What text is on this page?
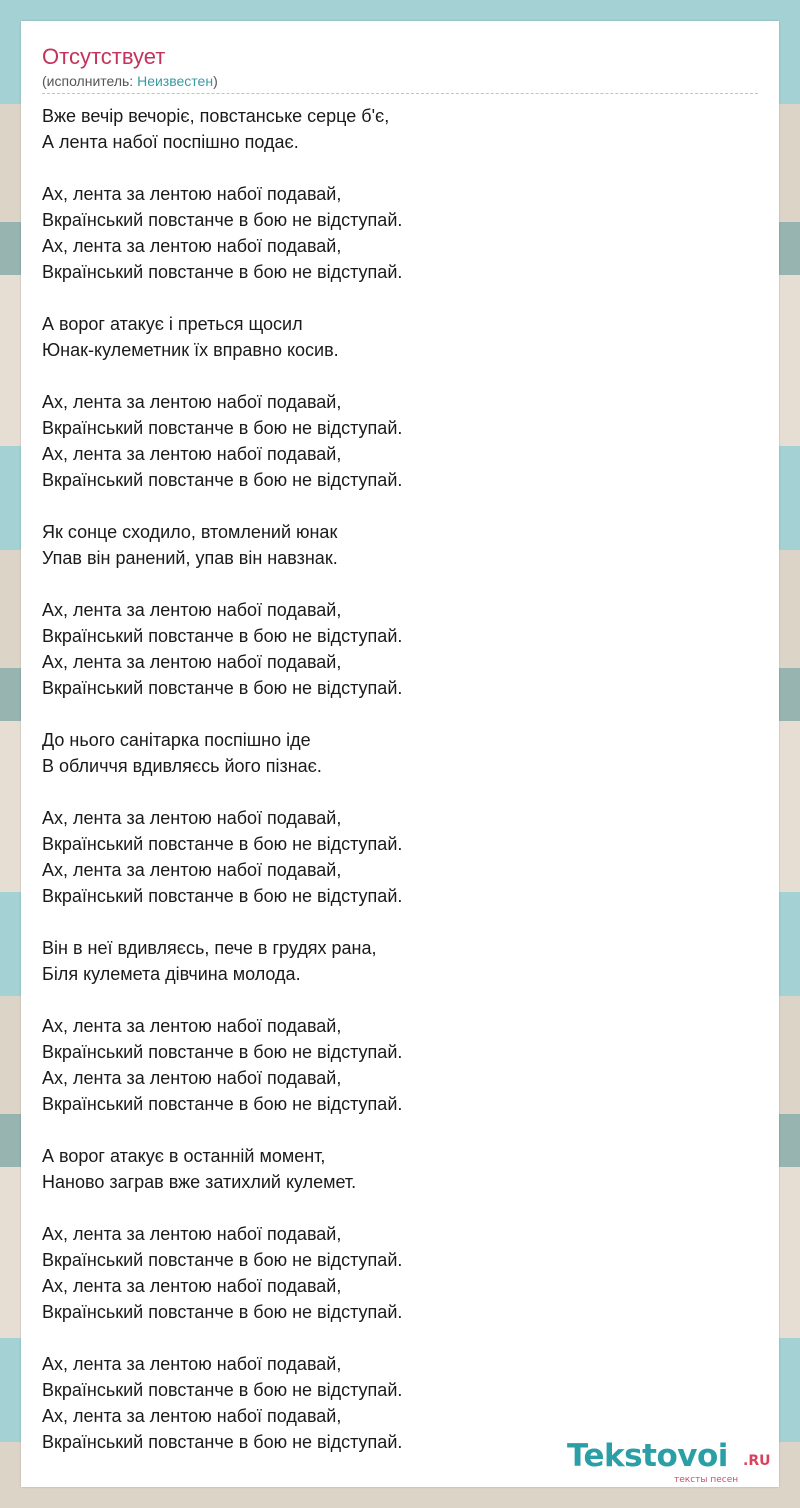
Отсутствует
(исполнитель: Неизвестен)
Вже вечір вечоріє, повстанське серце б'є,
А лента набої поспішно подає.

Ах, лента за лентою набої подавай,
Вкраїнський повстанче в бою не відступай.
Ах, лента за лентою набої подавай,
Вкраїнський повстанче в бою не відступай.

А ворог атакує і преться щосил
Юнак-кулеметник їх вправно косив.

Ах, лента за лентою набої подавай,
Вкраїнський повстанче в бою не відступай.
Ах, лента за лентою набої подавай,
Вкраїнський повстанче в бою не відступай.

Як сонце сходило, втомлений юнак
Упав він ранений, упав він навзнак.

Ах, лента за лентою набої подавай,
Вкраїнський повстанче в бою не відступай.
Ах, лента за лентою набої подавай,
Вкраїнський повстанче в бою не відступай.

До нього санітарка поспішно іде
В обличчя вдивляєсь його пізнає.

Ах, лента за лентою набої подавай,
Вкраїнський повстанче в бою не відступай.
Ах, лента за лентою набої подавай,
Вкраїнський повстанче в бою не відступай.

Він в неї вдивляєсь, пече в грудях рана,
Біля кулемета дівчина молода.

Ах, лента за лентою набої подавай,
Вкраїнський повстанче в бою не відступай.
Ах, лента за лентою набої подавай,
Вкраїнський повстанче в бою не відступай.

А ворог атакує в останній момент,
Наново заграв вже затихлий кулемет.

Ах, лента за лентою набої подавай,
Вкраїнський повстанче в бою не відступай.
Ах, лента за лентою набої подавай,
Вкраїнський повстанче в бою не відступай.

Ах, лента за лентою набої подавай,
Вкраїнський повстанче в бою не відступай.
Ах, лента за лентою набої подавай,
Вкраїнський повстанче в бою не відступай.	Tekstovoi .RU
тексты песен
